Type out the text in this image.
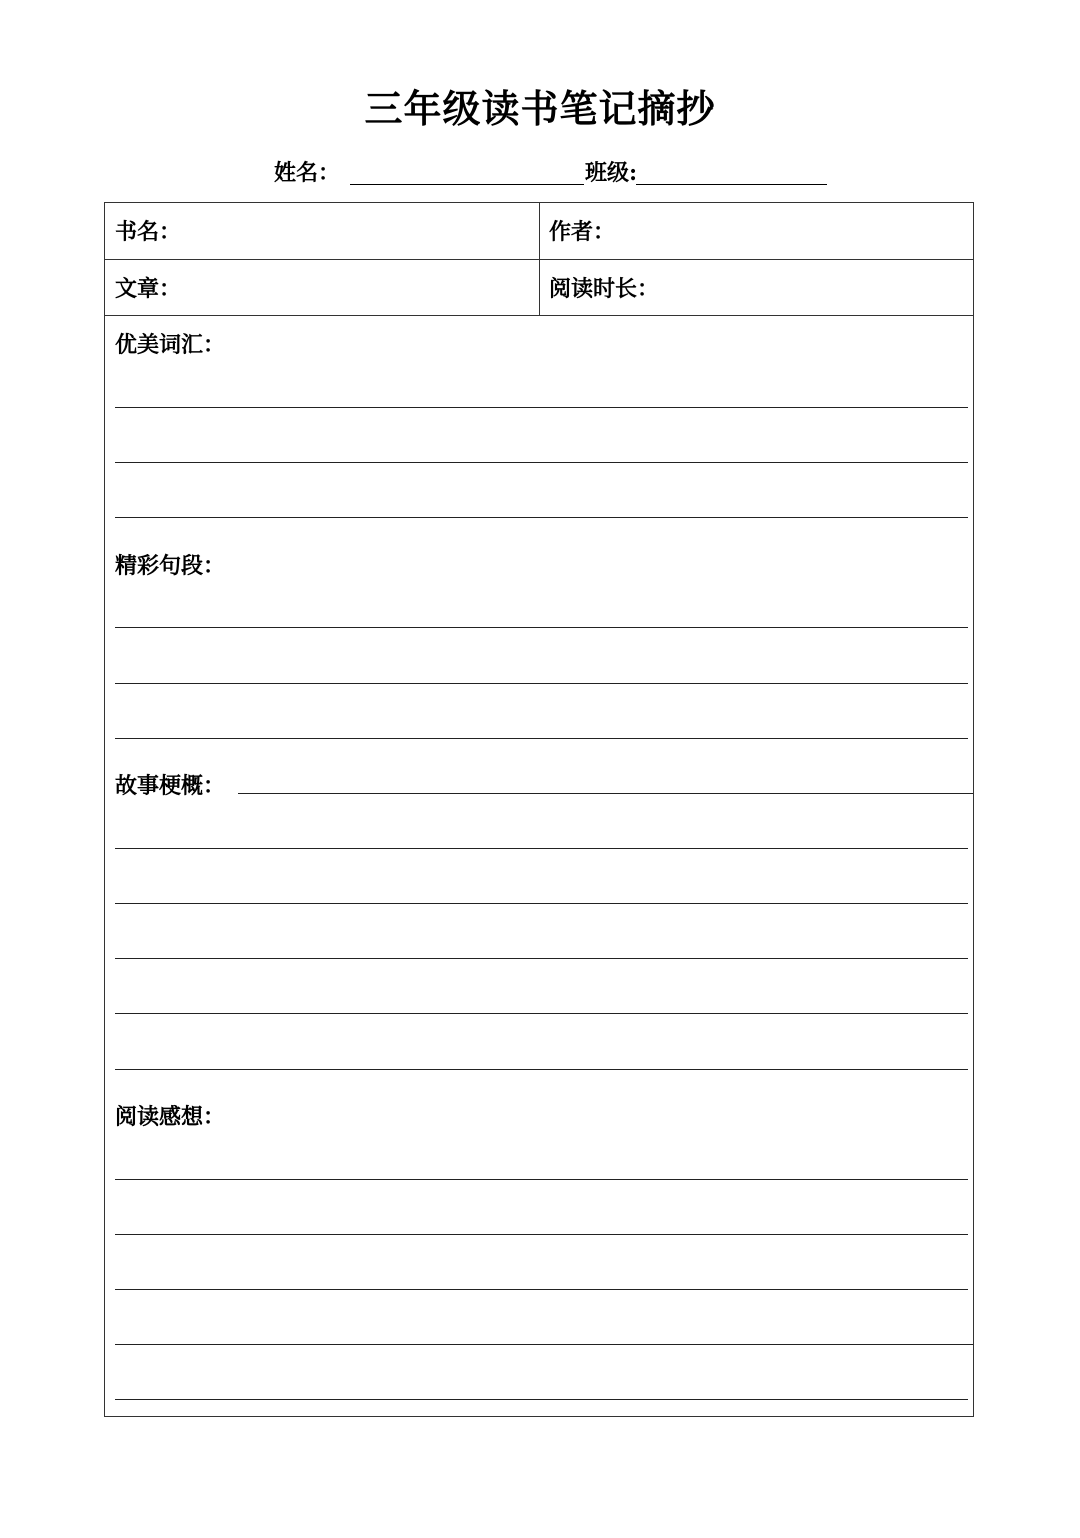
三年级读书笔记摘抄
姓名：	班级:
书名：	作者：
文章：	阅读时长：
优美词汇：
精彩句段：
故事梗概：
阅读感想：
